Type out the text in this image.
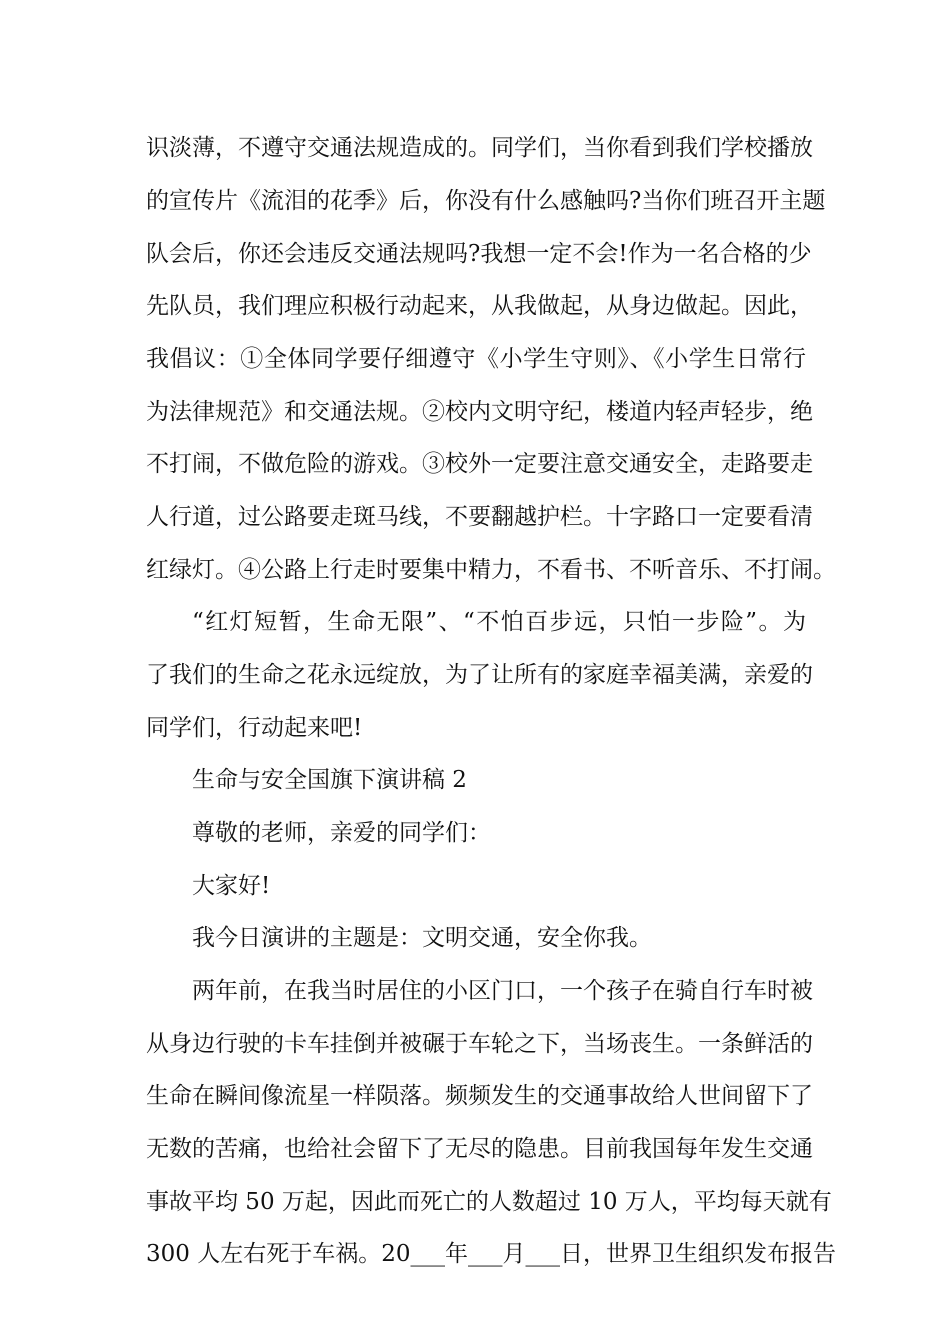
识淡薄，不遵守交通法规造成的。同学们，当你看到我们学校播放
的宣传片《流泪的花季》后，你没有什么感触吗?当你们班召开主题
队会后，你还会违反交通法规吗?我想一定不会!作为一名合格的少
先队员，我们理应积极行动起来，从我做起，从身边做起。因此，
我倡议：①全体同学要仔细遵守《小学生守则》、《小学生日常行
为法律规范》和交通法规。②校内文明守纪，楼道内轻声轻步，绝
不打闹，不做危险的游戏。③校外一定要注意交通安全，走路要走
人行道，过公路要走斑马线，不要翻越护栏。十字路口一定要看清
红绿灯。④公路上行走时要集中精力，不看书、不听音乐、不打闹。
“红灯短暂，生命无限”、“不怕百步远，只怕一步险”。为
了我们的生命之花永远绽放，为了让所有的家庭幸福美满，亲爱的
同学们，行动起来吧!
生命与安全国旗下演讲稿 2
尊敬的老师，亲爱的同学们：
大家好!
我今日演讲的主题是：文明交通，安全你我。
两年前，在我当时居住的小区门口，一个孩子在骑自行车时被
从身边行驶的卡车挂倒并被碾于车轮之下，当场丧生。一条鲜活的
生命在瞬间像流星一样陨落。频频发生的交通事故给人世间留下了
无数的苦痛，也给社会留下了无尽的隐患。目前我国每年发生交通
事故平均 50 万起，因此而死亡的人数超过 10 万人，平均每天就有
300 人左右死于车祸。20___年___月___日，世界卫生组织发布报告
